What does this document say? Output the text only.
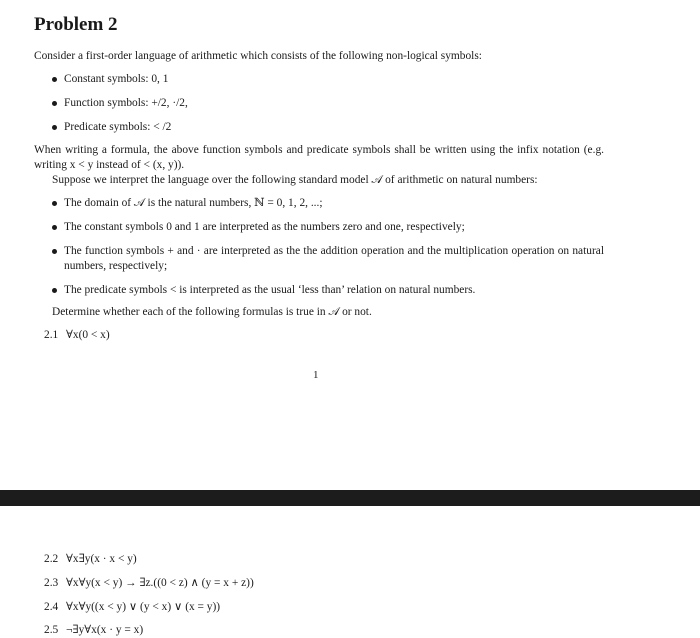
Problem 2

Consider a first-order language of arithmetic which consists of the following non-logical symbols:

Constant symbols: 0, 1
Function symbols: +/2, ·/2,
Predicate symbols: < /2

When writing a formula, the above function symbols and predicate symbols shall be written using the infix notation (e.g. writing x < y instead of < (x, y)).

Suppose we interpret the language over the following standard model 𝒜 of arithmetic on natural numbers:

The domain of 𝒜 is the natural numbers, ℕ = 0, 1, 2, ...;
The constant symbols 0 and 1 are interpreted as the numbers zero and one, respectively;
The function symbols + and · are interpreted as the the addition operation and the multiplication operation on natural numbers, respectively;
The predicate symbols < is interpreted as the usual ‘less than’ relation on natural numbers.

Determine whether each of the following formulas is true in 𝒜 or not.

2.1 ∀x(0 < x)
1
2.2 ∀x∃y(x · x < y)
2.3 ∀x∀y(x < y) → ∃z.((0 < z) ∧ (y = x + z))
2.4 ∀x∀y((x < y) ∨ (y < x) ∨ (x = y))
2.5 ¬∃y∀x(x · y = x)
